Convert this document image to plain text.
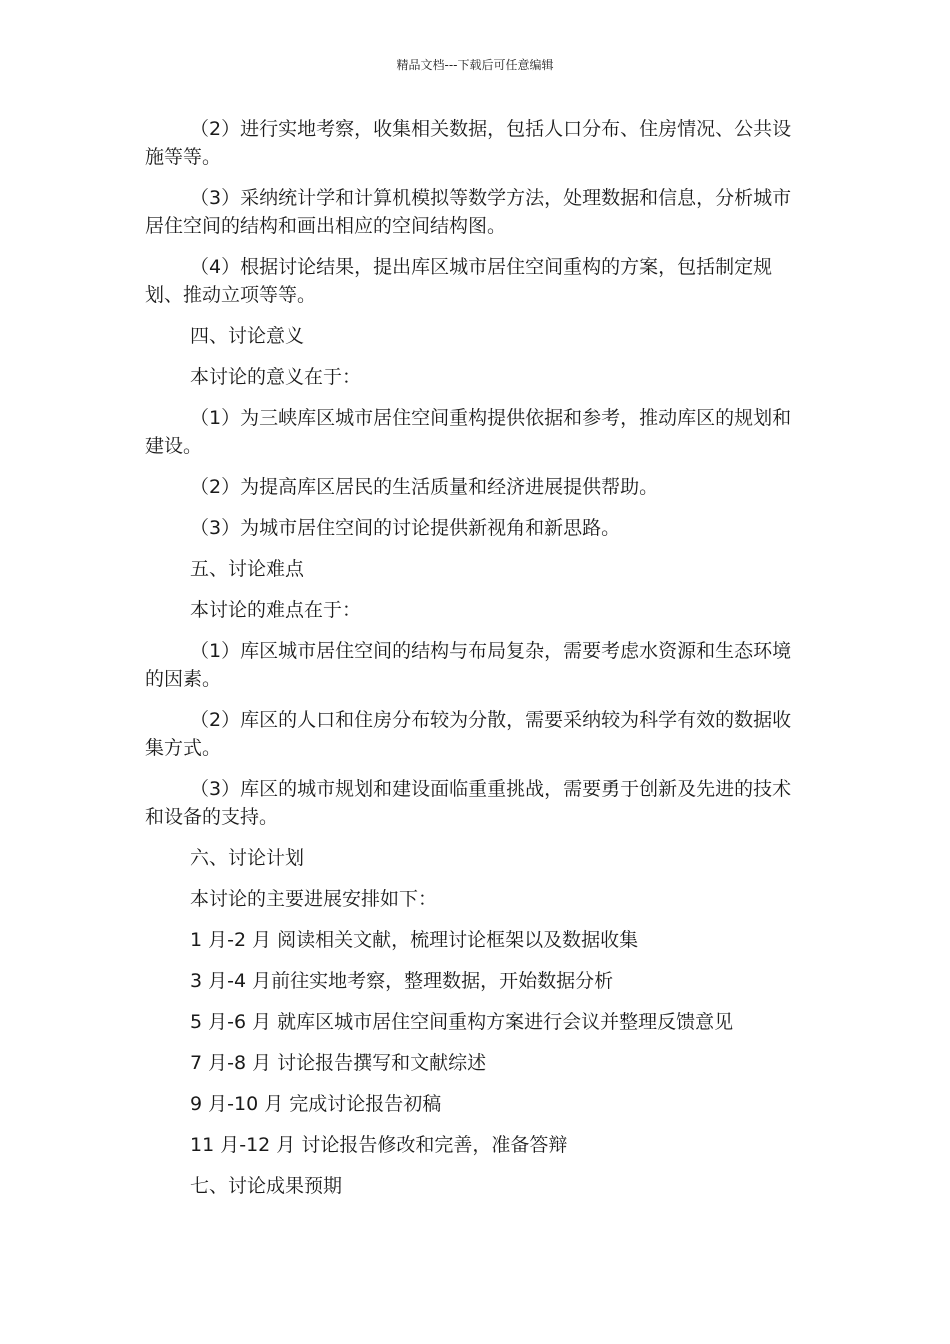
精品文档---下载后可任意编辑

（2）进行实地考察，收集相关数据，包括人口分布、住房情况、公共设施等等。

（3）采纳统计学和计算机模拟等数学方法，处理数据和信息，分析城市居住空间的结构和画出相应的空间结构图。

（4）根据讨论结果，提出库区城市居住空间重构的方案，包括制定规划、推动立项等等。

四、讨论意义

本讨论的意义在于：

（1）为三峡库区城市居住空间重构提供依据和参考，推动库区的规划和建设。

（2）为提高库区居民的生活质量和经济进展提供帮助。

（3）为城市居住空间的讨论提供新视角和新思路。

五、讨论难点

本讨论的难点在于：

（1）库区城市居住空间的结构与布局复杂，需要考虑水资源和生态环境的因素。

（2）库区的人口和住房分布较为分散，需要采纳较为科学有效的数据收集方式。

（3）库区的城市规划和建设面临重重挑战，需要勇于创新及先进的技术和设备的支持。

六、讨论计划

本讨论的主要进展安排如下：

1 月-2 月 阅读相关文献，梳理讨论框架以及数据收集

3 月-4 月前往实地考察，整理数据，开始数据分析

5 月-6 月 就库区城市居住空间重构方案进行会议并整理反馈意见

7 月-8 月 讨论报告撰写和文献综述

9 月-10 月 完成讨论报告初稿

11 月-12 月 讨论报告修改和完善，准备答辩

七、讨论成果预期
